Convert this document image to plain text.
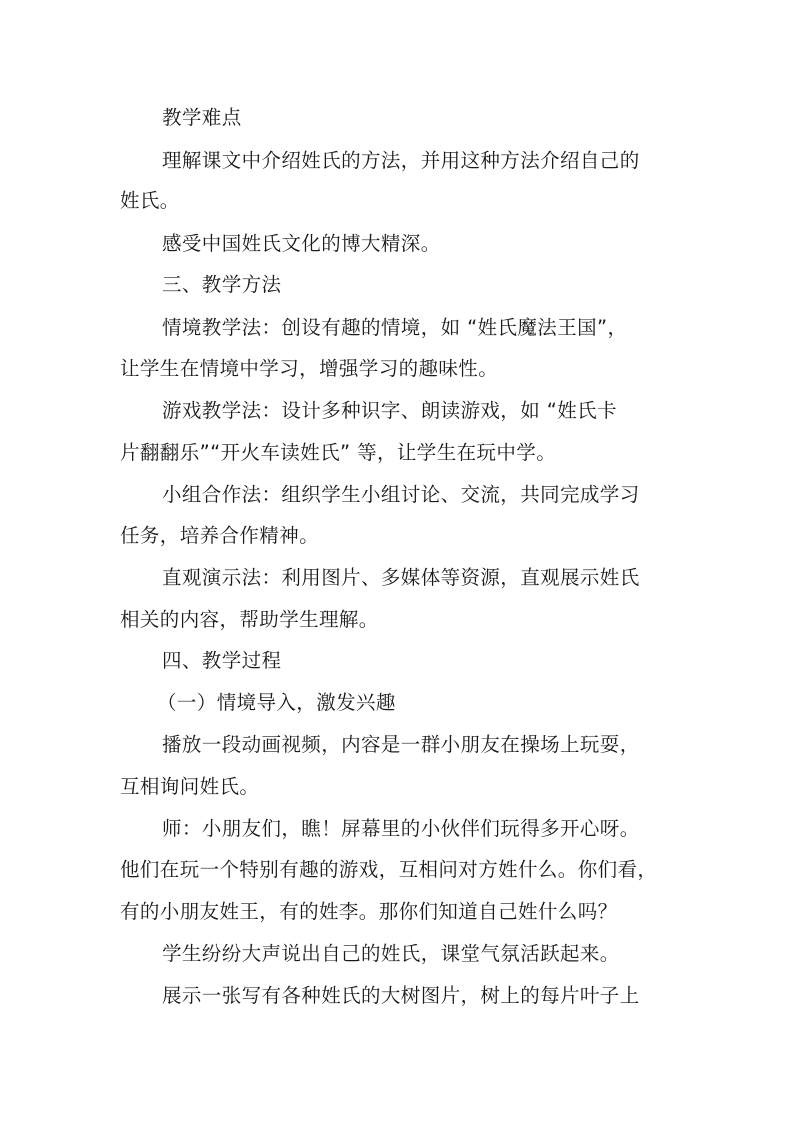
教学难点
理解课文中介绍姓氏的方法，并用这种方法介绍自己的
姓氏。
感受中国姓氏文化的博大精深。
三、教学方法
情境教学法：创设有趣的情境，如 “姓氏魔法王国”，
让学生在情境中学习，增强学习的趣味性。
游戏教学法：设计多种识字、朗读游戏，如 “姓氏卡
片翻翻乐”“开火车读姓氏” 等，让学生在玩中学。
小组合作法：组织学生小组讨论、交流，共同完成学习
任务，培养合作精神。
直观演示法：利用图片、多媒体等资源，直观展示姓氏
相关的内容，帮助学生理解。
四、教学过程
（一）情境导入，激发兴趣
播放一段动画视频，内容是一群小朋友在操场上玩耍，
互相询问姓氏。
师：小朋友们，瞧！屏幕里的小伙伴们玩得多开心呀。
他们在玩一个特别有趣的游戏，互相问对方姓什么。你们看，
有的小朋友姓王，有的姓李。那你们知道自己姓什么吗？
学生纷纷大声说出自己的姓氏，课堂气氛活跃起来。
展示一张写有各种姓氏的大树图片，树上的每片叶子上
